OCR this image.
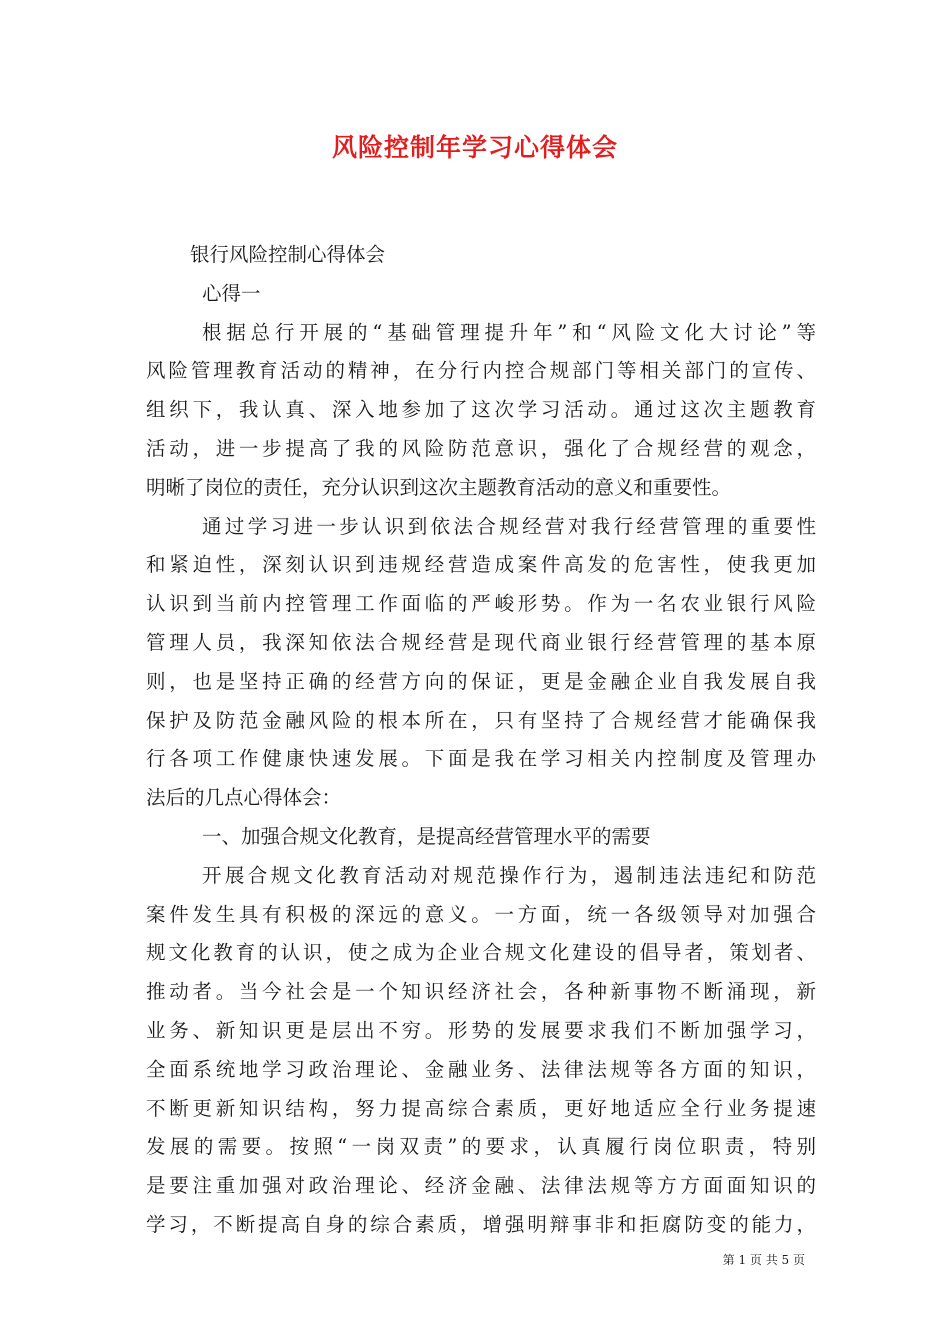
风险控制年学习心得体会

银行风险控制心得体会

心得一

根据总行开展的“基础管理提升年”和“风险文化大讨论”等
风险管理教育活动的精神，在分行内控合规部门等相关部门的宣传、
组织下，我认真、深入地参加了这次学习活动。通过这次主题教育
活动，进一步提高了我的风险防范意识，强化了合规经营的观念，
明晰了岗位的责任，充分认识到这次主题教育活动的意义和重要性。

通过学习进一步认识到依法合规经营对我行经营管理的重要性
和紧迫性，深刻认识到违规经营造成案件高发的危害性，使我更加
认识到当前内控管理工作面临的严峻形势。作为一名农业银行风险
管理人员，我深知依法合规经营是现代商业银行经营管理的基本原
则，也是坚持正确的经营方向的保证，更是金融企业自我发展自我
保护及防范金融风险的根本所在，只有坚持了合规经营才能确保我
行各项工作健康快速发展。下面是我在学习相关内控制度及管理办
法后的几点心得体会：

一、加强合规文化教育，是提高经营管理水平的需要

开展合规文化教育活动对规范操作行为，遏制违法违纪和防范
案件发生具有积极的深远的意义。一方面，统一各级领导对加强合
规文化教育的认识，使之成为企业合规文化建设的倡导者，策划者、
推动者。当今社会是一个知识经济社会，各种新事物不断涌现，新
业务、新知识更是层出不穷。形势的发展要求我们不断加强学习，
全面系统地学习政治理论、金融业务、法律法规等各方面的知识，
不断更新知识结构，努力提高综合素质，更好地适应全行业务提速
发展的需要。按照“一岗双责”的要求，认真履行岗位职责，特别
是要注重加强对政治理论、经济金融、法律法规等方方面面知识的
学习，不断提高自身的综合素质，增强明辩事非和拒腐防变的能力，

第 1 页 共 5 页
